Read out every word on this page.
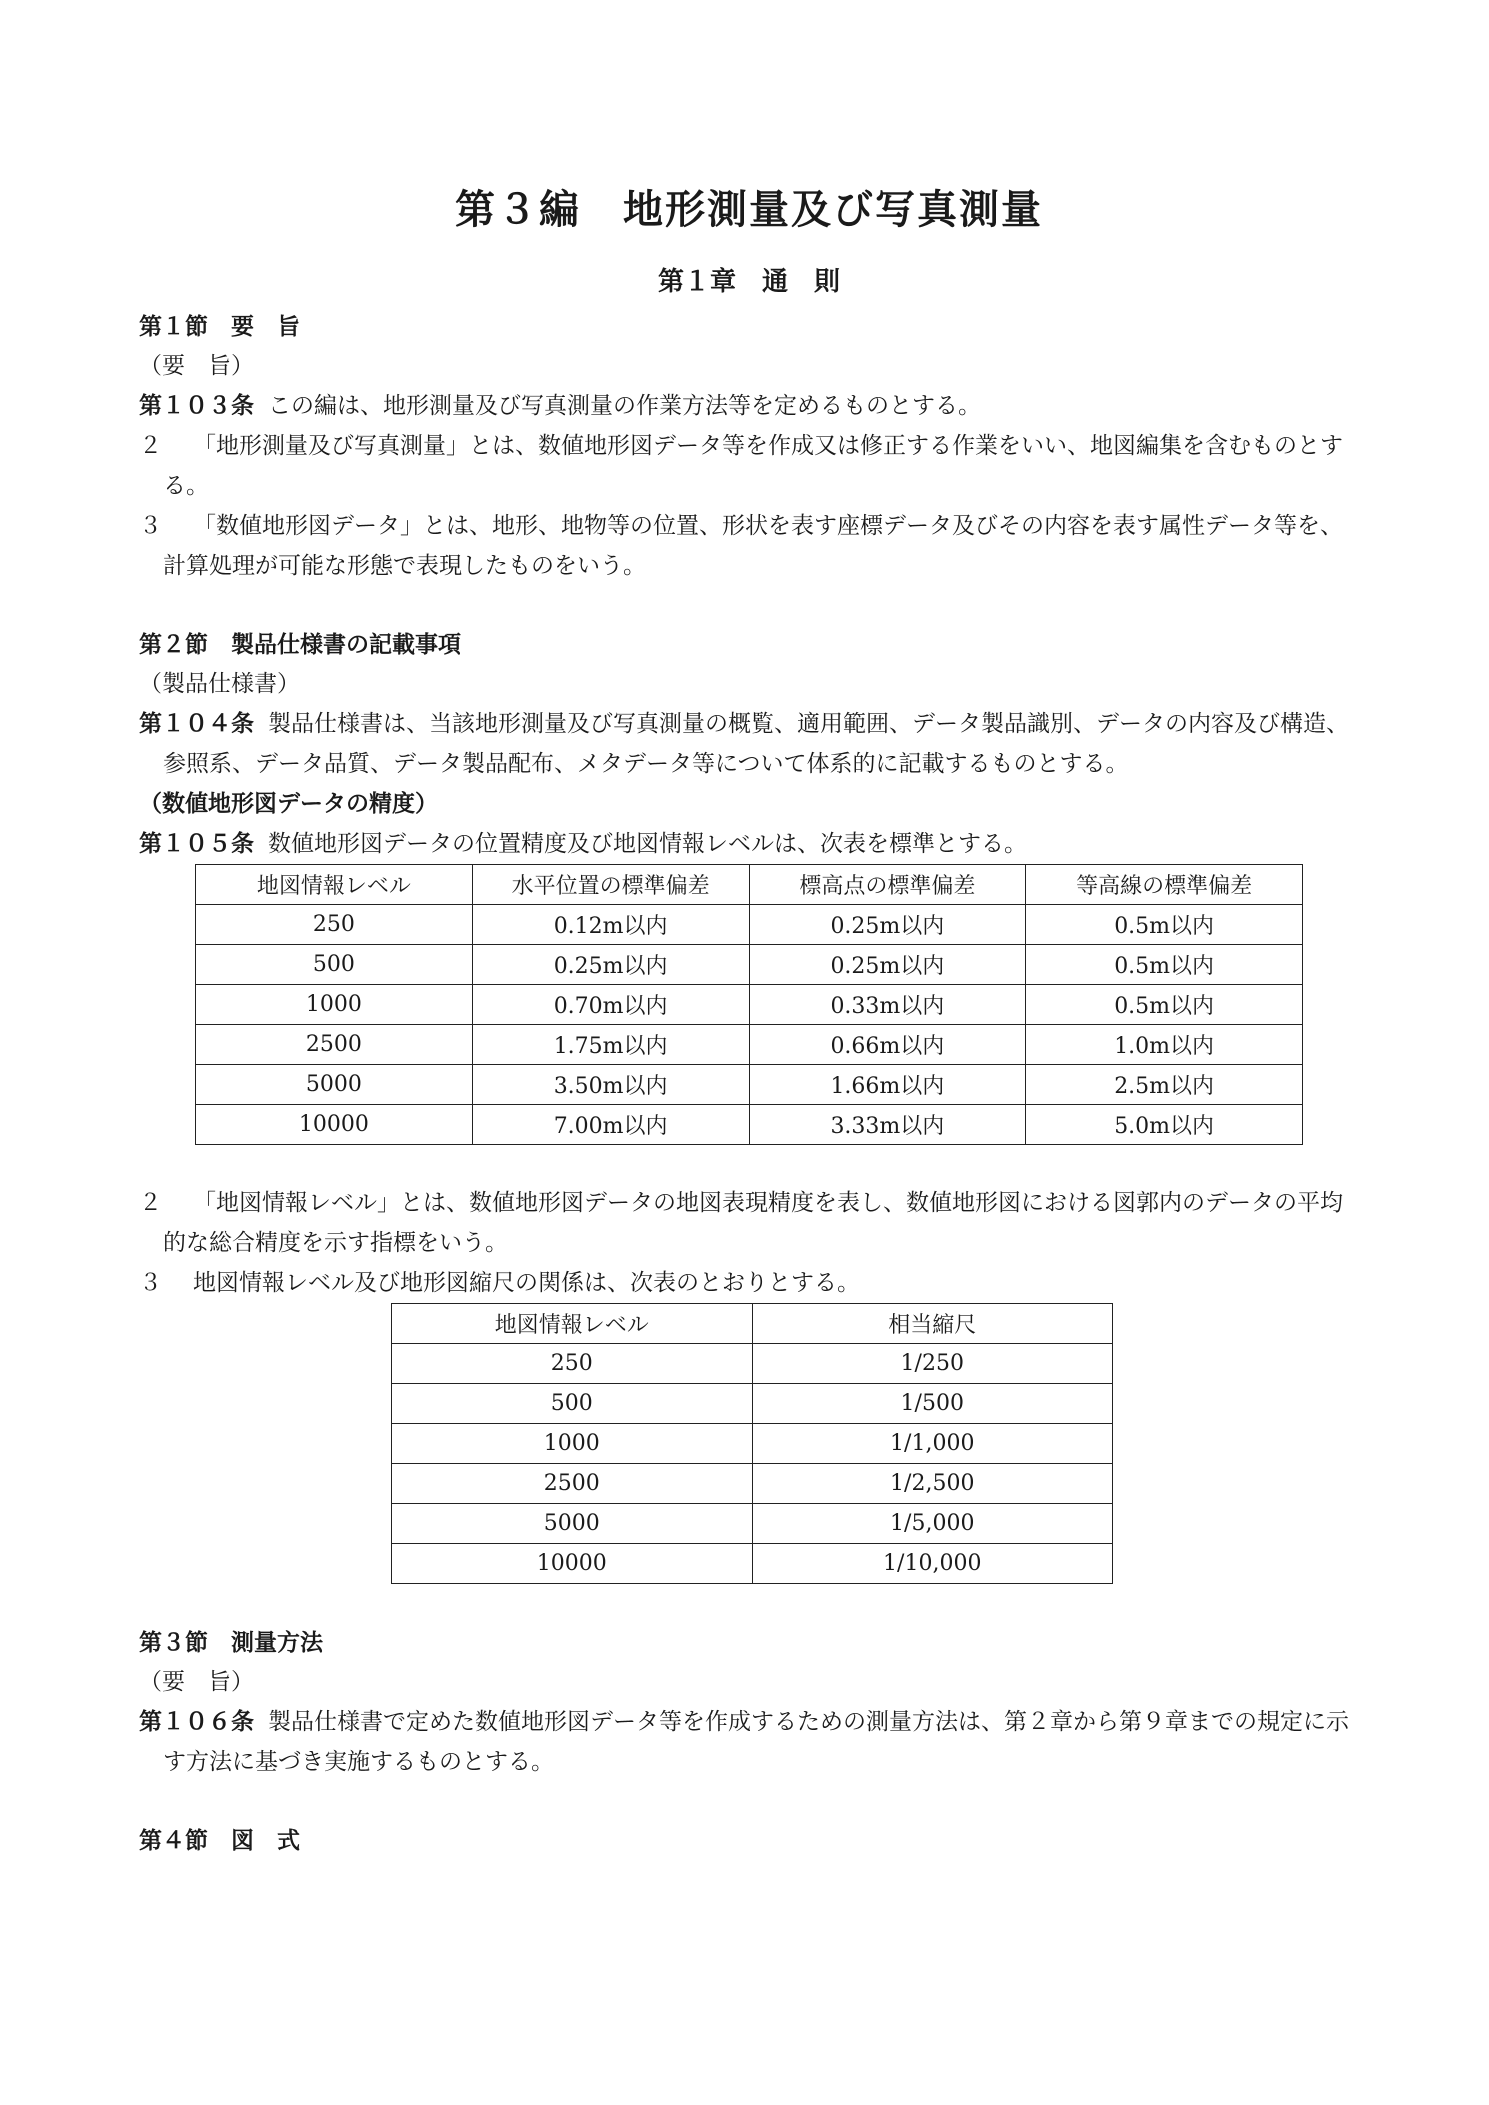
第３編　地形測量及び写真測量
第１章　通　則
第１節　要　旨
（要　旨）
第１０３条 この編は、地形測量及び写真測量の作業方法等を定めるものとする。
２ 「地形測量及び写真測量」とは、数値地形図データ等を作成又は修正する作業をいい、地図編集を含むものとする。
３ 「数値地形図データ」とは、地形、地物等の位置、形状を表す座標データ及びその内容を表す属性データ等を、計算処理が可能な形態で表現したものをいう。
第２節　製品仕様書の記載事項
（製品仕様書）
第１０４条 製品仕様書は、当該地形測量及び写真測量の概覧、適用範囲、データ製品識別、データの内容及び構造、参照系、データ品質、データ製品配布、メタデータ等について体系的に記載するものとする。
（数値地形図データの精度）
第１０５条 数値地形図データの位置精度及び地図情報レベルは、次表を標準とする。
地図情報レベル	水平位置の標準偏差	標高点の標準偏差	等高線の標準偏差
250	0.12m以内	0.25m以内	0.5m以内
500	0.25m以内	0.25m以内	0.5m以内
1000	0.70m以内	0.33m以内	0.5m以内
2500	1.75m以内	0.66m以内	1.0m以内
5000	3.50m以内	1.66m以内	2.5m以内
10000	7.00m以内	3.33m以内	5.0m以内
２ 「地図情報レベル」とは、数値地形図データの地図表現精度を表し、数値地形図における図郭内のデータの平均的な総合精度を示す指標をいう。
３ 地図情報レベル及び地形図縮尺の関係は、次表のとおりとする。
地図情報レベル	相当縮尺
250	1/250
500	1/500
1000	1/1,000
2500	1/2,500
5000	1/5,000
10000	1/10,000
第３節　測量方法
（要　旨）
第１０６条 製品仕様書で定めた数値地形図データ等を作成するための測量方法は、第２章から第９章までの規定に示す方法に基づき実施するものとする。
第４節　図　式
